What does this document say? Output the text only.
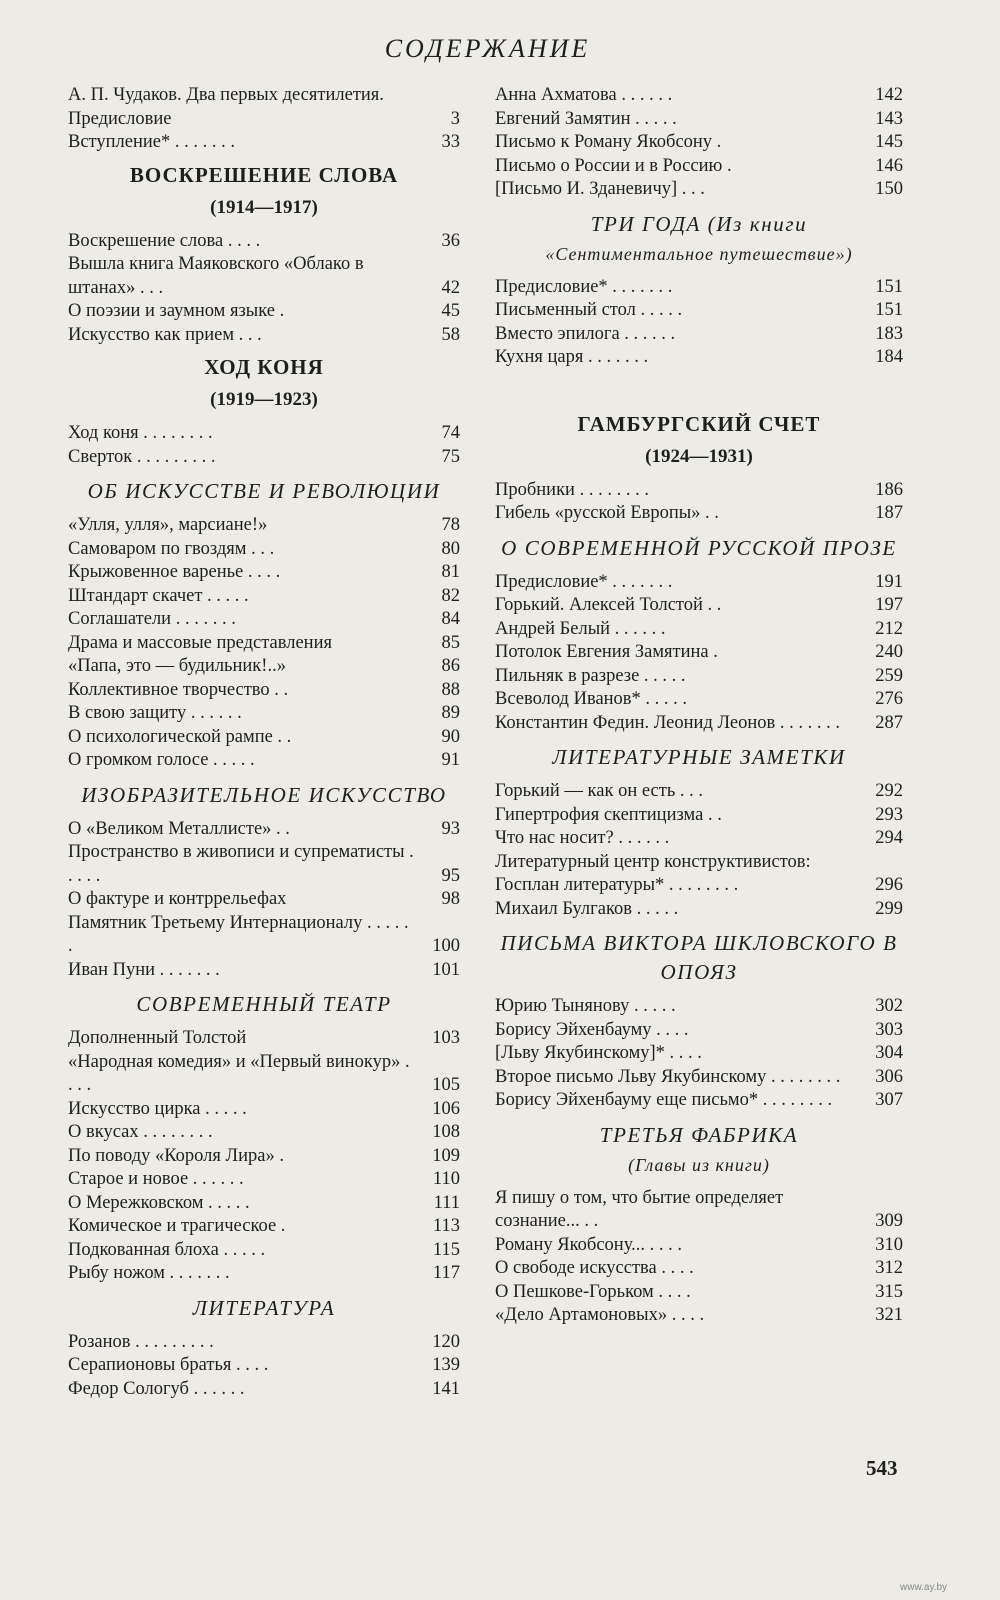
СОДЕРЖАНИЕ
А. П. Чудаков. Два первых десятилетия. Предисловие	3
Вступление* . . . . . . .	33
ВОСКРЕШЕНИЕ СЛОВА
(1914—1917)
Воскрешение слова . . . .	36
Вышла книга Маяковского «Облако в штанах» . . .	42
О поэзии и заумном языке .	45
Искусство как прием . . .	58
ХОД КОНЯ
(1919—1923)
Ход коня . . . . . . . .	74
Сверток . . . . . . . . .	75
ОБ ИСКУССТВЕ И РЕВОЛЮЦИИ
«Улля, улля», марсиане!»	78
Самоваром по гвоздям . . .	80
Крыжовенное варенье . . . .	81
Штандарт скачет . . . . .	82
Соглашатели . . . . . . .	84
Драма и массовые представления	85
«Папа, это — будильник!..»	86
Коллективное творчество . .	88
В свою защиту . . . . . .	89
О психологической рампе . .	90
О громком голосе . . . . .	91
ИЗОБРАЗИТЕЛЬНОЕ ИСКУССТВО
О «Великом Металлисте» . .	93
Пространство в живописи и супрематисты . . . . .	95
О фактуре и контррельефах	98
Памятник Третьему Интернационалу . . . . . .	100
Иван Пуни . . . . . . .	101
СОВРЕМЕННЫЙ ТЕАТР
Дополненный Толстой	103
«Народная комедия» и «Первый винокур» . . . .	105
Искусство цирка . . . . .	106
О вкусах . . . . . . . .	108
По поводу «Короля Лира» .	109
Старое и новое . . . . . .	110
О Мережковском . . . . .	111
Комическое и трагическое .	113
Подкованная блоха . . . . .	115
Рыбу ножом . . . . . . .	117
ЛИТЕРАТУРА
Розанов . . . . . . . . .	120
Серапионовы братья . . . .	139
Федор Сологуб . . . . . .	141
Анна Ахматова . . . . . .	142
Евгений Замятин . . . . .	143
Письмо к Роману Якобсону .	145
Письмо о России и в Россию .	146
[Письмо И. Зданевичу] . . .	150
ТРИ ГОДА (Из книги
«Сентиментальное путешествие»)
Предисловие* . . . . . . .	151
Письменный стол . . . . .	151
Вместо эпилога . . . . . .	183
Кухня царя . . . . . . .	184
ГАМБУРГСКИЙ СЧЕТ
(1924—1931)
Пробники . . . . . . . .	186
Гибель «русской Европы» . .	187
О СОВРЕМЕННОЙ РУССКОЙ ПРОЗЕ
Предисловие* . . . . . . .	191
Горький. Алексей Толстой . .	197
Андрей Белый . . . . . .	212
Потолок Евгения Замятина .	240
Пильняк в разрезе . . . . .	259
Всеволод Иванов* . . . . .	276
Константин Федин. Леонид Леонов . . . . . . . 287
ЛИТЕРАТУРНЫЕ ЗАМЕТКИ
Горький — как он есть . . .	292
Гипертрофия скептицизма . .	293
Что нас носит? . . . . . .	294
Литературный центр конструктивистов: Госплан литературы* . . . . . . . .	296
Михаил Булгаков . . . . .	299
ПИСЬМА ВИКТОРА ШКЛОВСКОГО В ОПОЯЗ
Юрию Тынянову . . . . .	302
Борису Эйхенбауму . . . .	303
[Льву Якубинскому]* . . . .	304
Второе письмо Льву Якубинскому . . . . . . . . 306
Борису Эйхенбауму еще письмо* . . . . . . . . 307
ТРЕТЬЯ ФАБРИКА
(Главы из книги)
Я пишу о том, что бытие определяет сознание... . .	309
Роману Якобсону... . . . .	310
О свободе искусства . . . .	312
О Пешкове-Горьком . . . .	315
«Дело Артамоновых» . . . .	321
543
www.ay.by
